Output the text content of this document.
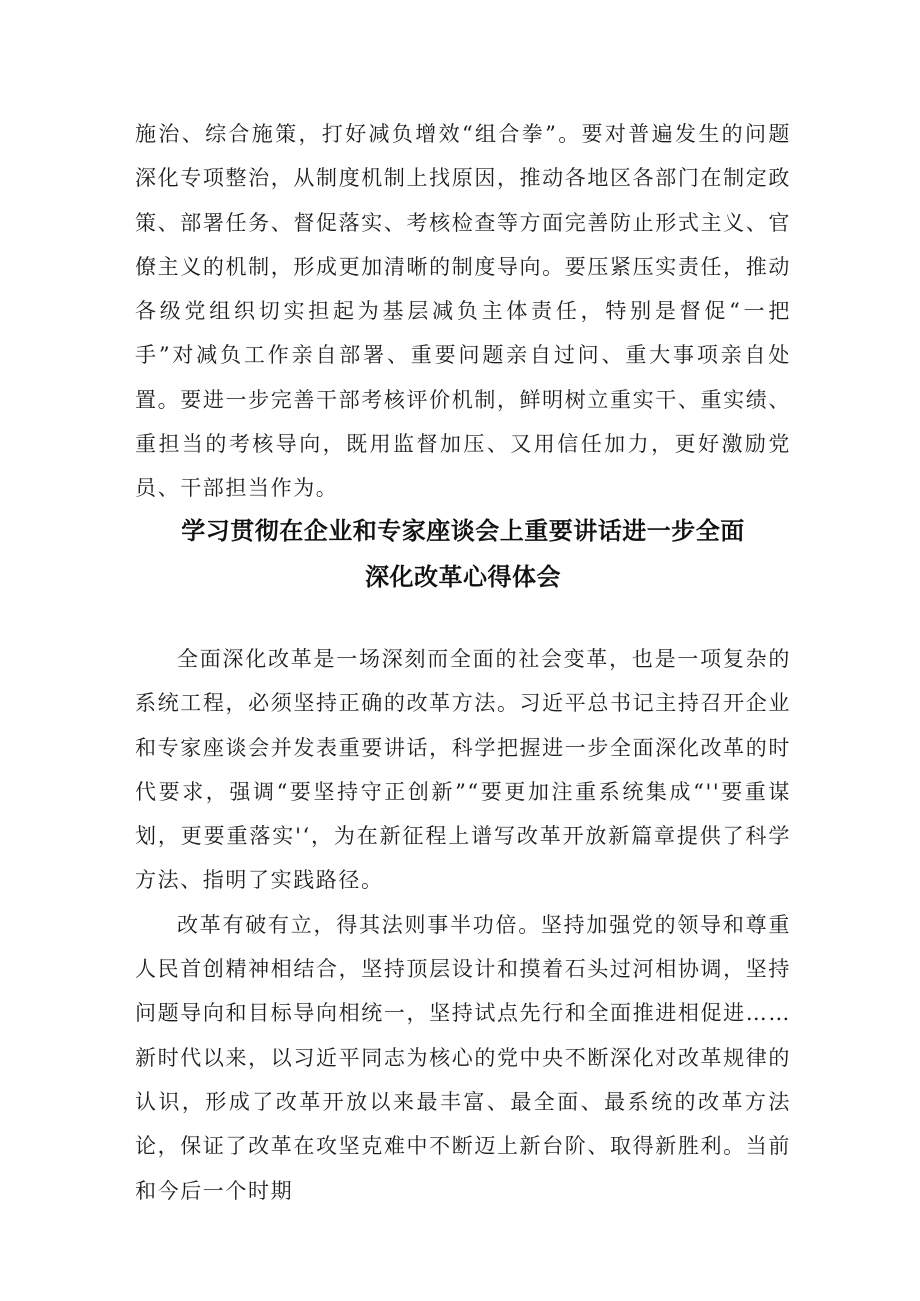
施治、综合施策，打好减负增效“组合拳”。要对普遍发生的问题深化专项整治，从制度机制上找原因，推动各地区各部门在制定政策、部署任务、督促落实、考核检查等方面完善防止形式主义、官僚主义的机制，形成更加清晰的制度导向。要压紧压实责任，推动各级党组织切实担起为基层减负主体责任，特别是督促“一把手”对减负工作亲自部署、重要问题亲自过问、重大事项亲自处置。要进一步完善干部考核评价机制，鲜明树立重实干、重实绩、重担当的考核导向，既用监督加压、又用信任加力，更好激励党员、干部担当作为。

学习贯彻在企业和专家座谈会上重要讲话进一步全面
深化改革心得体会

全面深化改革是一场深刻而全面的社会变革，也是一项复杂的系统工程，必须坚持正确的改革方法。习近平总书记主持召开企业和专家座谈会并发表重要讲话，科学把握进一步全面深化改革的时代要求，强调“要坚持守正创新”“要更加注重系统集成“''要重谋划，更要重落实'‘，为在新征程上谱写改革开放新篇章提供了科学方法、指明了实践路径。

改革有破有立，得其法则事半功倍。坚持加强党的领导和尊重人民首创精神相结合，坚持顶层设计和摸着石头过河相协调，坚持问题导向和目标导向相统一，坚持试点先行和全面推进相促进……新时代以来，以习近平同志为核心的党中央不断深化对改革规律的认识，形成了改革开放以来最丰富、最全面、最系统的改革方法论，保证了改革在攻坚克难中不断迈上新台阶、取得新胜利。当前和今后一个时期
